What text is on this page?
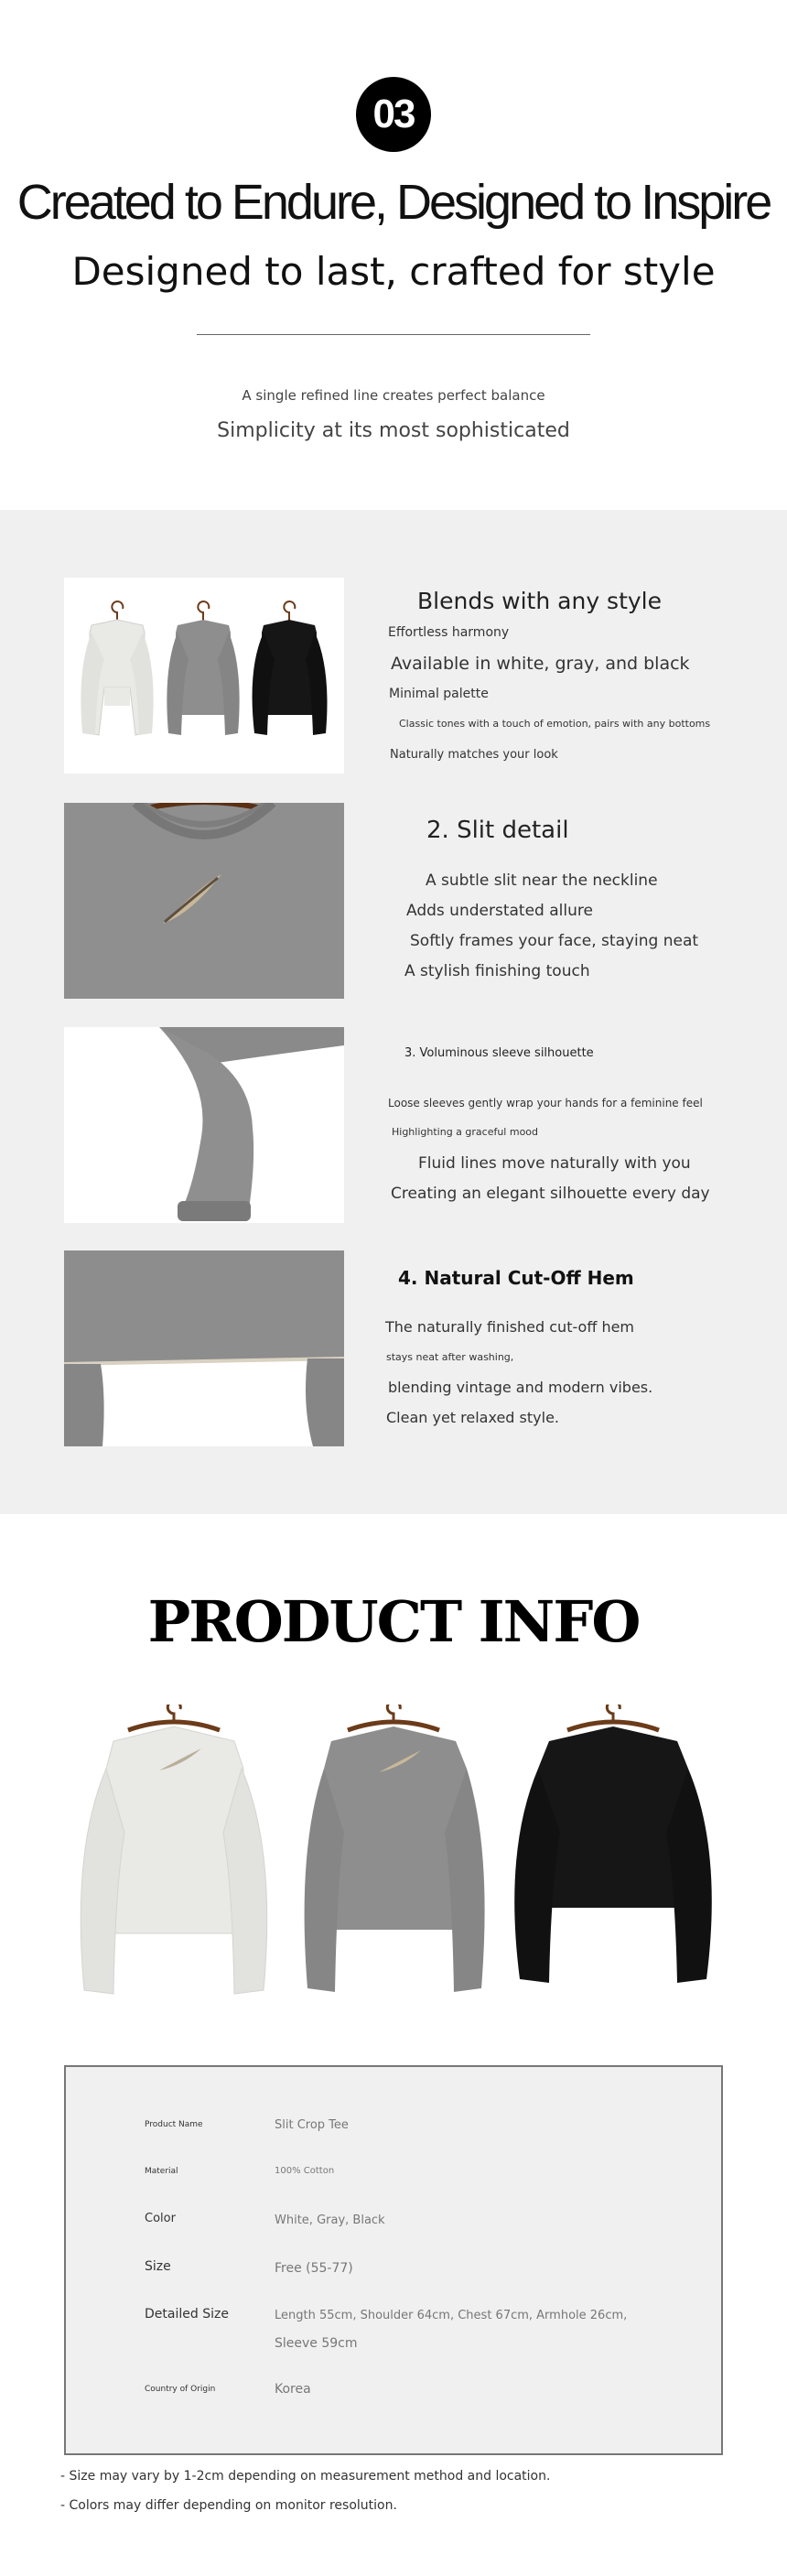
03
Created to Endure, Designed to Inspire
Designed to last, crafted for style
A single refined line creates perfect balance
Simplicity at its most sophisticated
Blends with any style
Effortless harmony
Available in white, gray, and black
Minimal palette
Classic tones with a touch of emotion, pairs with any bottoms
Naturally matches your look
2. Slit detail
A subtle slit near the neckline
Adds understated allure
Softly frames your face, staying neat
A stylish finishing touch
3. Voluminous sleeve silhouette
Loose sleeves gently wrap your hands for a feminine feel
Highlighting a graceful mood
Fluid lines move naturally with you
Creating an elegant silhouette every day
4. Natural Cut-Off Hem
The naturally finished cut-off hem
stays neat after washing,
blending vintage and modern vibes.
Clean yet relaxed style.
PRODUCT INFO
Product Name	Slit Crop Tee
Material	100% Cotton
Color	White, Gray, Black
Size	Free (55-77)
Detailed Size	Length 55cm, Shoulder 64cm, Chest 67cm, Armhole 26cm,
Sleeve 59cm
Country of Origin	Korea
- Size may vary by 1-2cm depending on measurement method and location.
- Colors may differ depending on monitor resolution.
